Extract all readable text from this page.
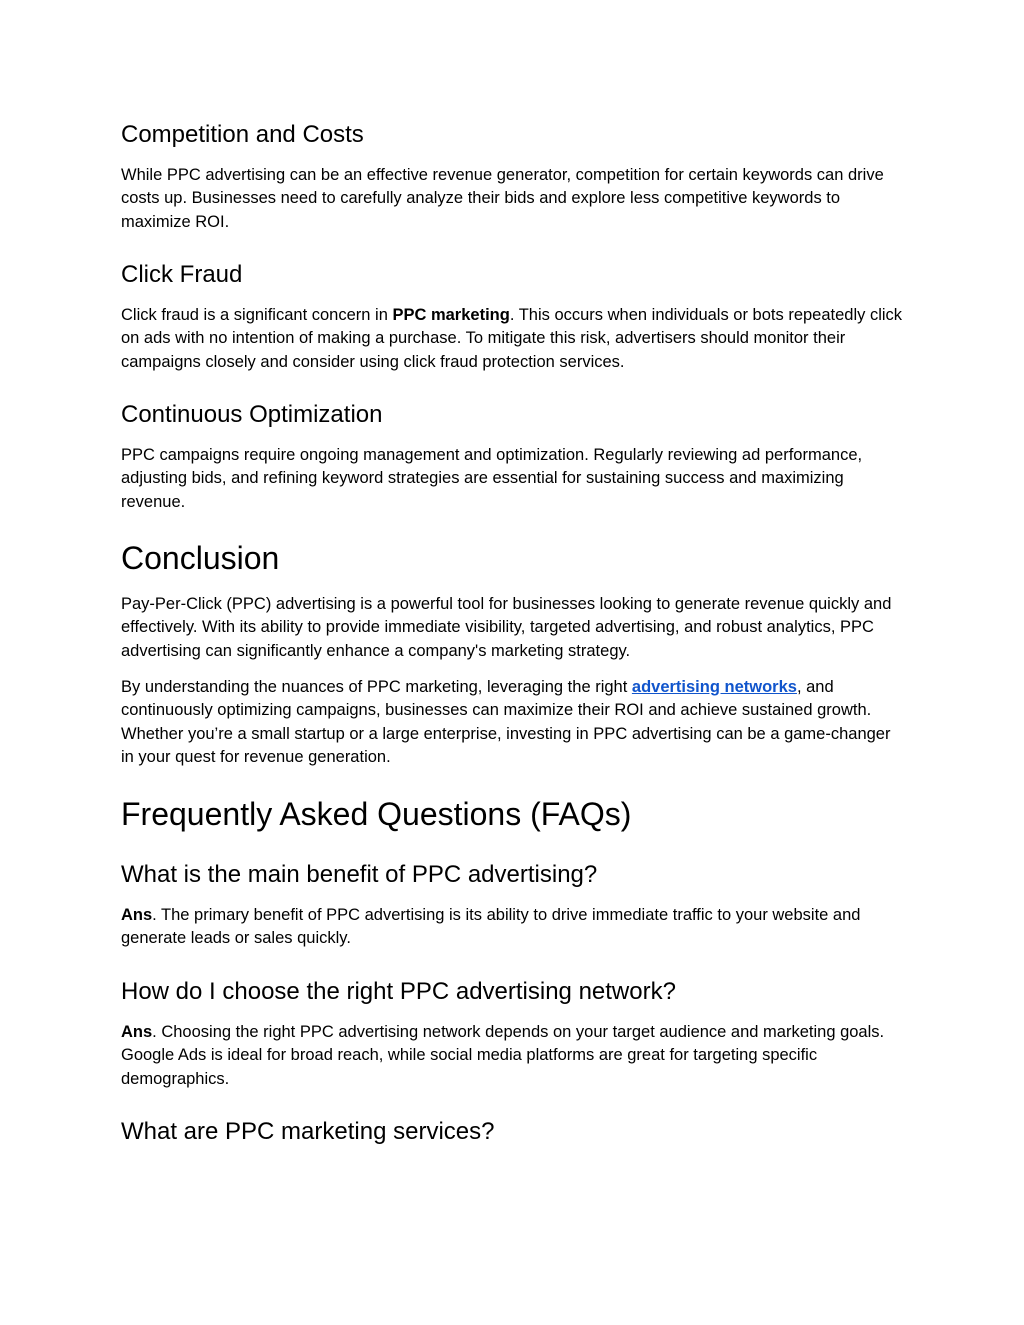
Competition and Costs

While PPC advertising can be an effective revenue generator, competition for certain keywords can drive costs up. Businesses need to carefully analyze their bids and explore less competitive keywords to maximize ROI.

Click Fraud

Click fraud is a significant concern in PPC marketing. This occurs when individuals or bots repeatedly click on ads with no intention of making a purchase. To mitigate this risk, advertisers should monitor their campaigns closely and consider using click fraud protection services.

Continuous Optimization

PPC campaigns require ongoing management and optimization. Regularly reviewing ad performance, adjusting bids, and refining keyword strategies are essential for sustaining success and maximizing revenue.

Conclusion

Pay-Per-Click (PPC) advertising is a powerful tool for businesses looking to generate revenue quickly and effectively. With its ability to provide immediate visibility, targeted advertising, and robust analytics, PPC advertising can significantly enhance a company's marketing strategy.

By understanding the nuances of PPC marketing, leveraging the right advertising networks, and continuously optimizing campaigns, businesses can maximize their ROI and achieve sustained growth. Whether you’re a small startup or a large enterprise, investing in PPC advertising can be a game-changer in your quest for revenue generation.

Frequently Asked Questions (FAQs)
What is the main benefit of PPC advertising?

Ans. The primary benefit of PPC advertising is its ability to drive immediate traffic to your website and generate leads or sales quickly.

How do I choose the right PPC advertising network?

Ans. Choosing the right PPC advertising network depends on your target audience and marketing goals. Google Ads is ideal for broad reach, while social media platforms are great for targeting specific demographics.

What are PPC marketing services?
